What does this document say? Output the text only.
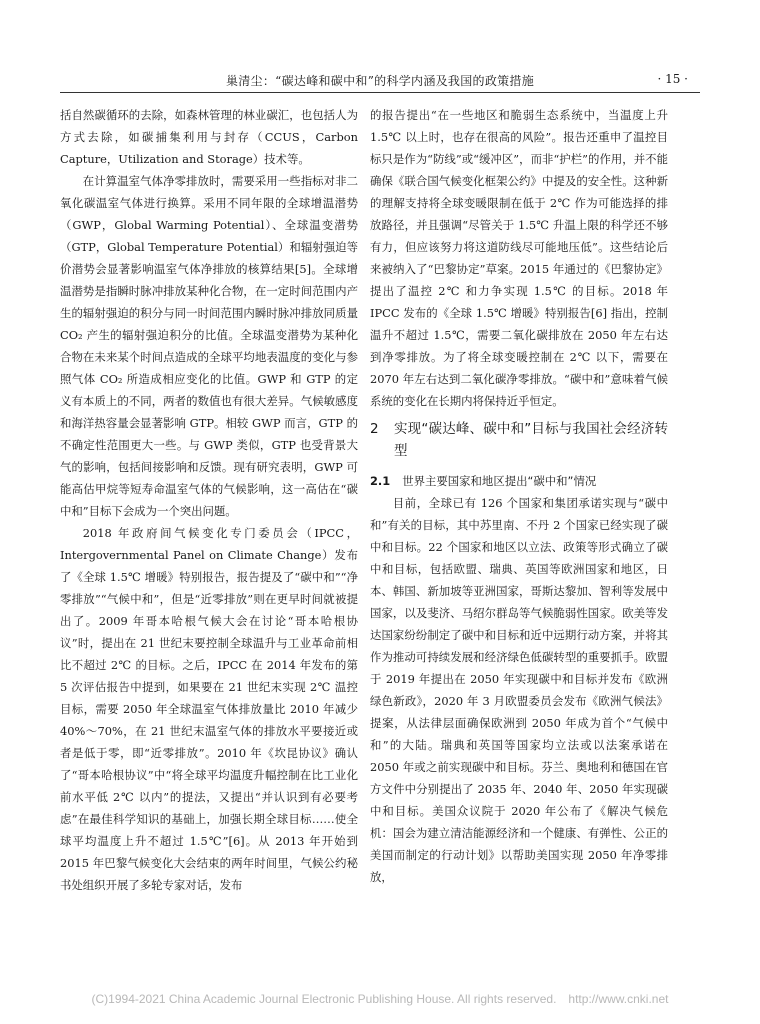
巢清尘：“碳达峰和碳中和”的科学内涵及我国的政策措施	· 15 ·

括自然碳循环的去除，如森林管理的林业碳汇，也包括人为方式去除，如碳捕集利用与封存（CCUS，Carbon Capture，Utilization and Storage）技术等。

在计算温室气体净零排放时，需要采用一些指标对非二氧化碳温室气体进行换算。采用不同年限的全球增温潜势（GWP，Global Warming Potential）、全球温变潜势（GTP，Global Temperature Potential）和辐射强迫等价潜势会显著影响温室气体净排放的核算结果[5]。全球增温潜势是指瞬时脉冲排放某种化合物，在一定时间范围内产生的辐射强迫的积分与同一时间范围内瞬时脉冲排放同质量 CO₂ 产生的辐射强迫积分的比值。全球温变潜势为某种化合物在未来某个时间点造成的全球平均地表温度的变化与参照气体 CO₂ 所造成相应变化的比值。GWP 和 GTP 的定义有本质上的不同，两者的数值也有很大差异。气候敏感度和海洋热容量会显著影响 GTP。相较 GWP 而言，GTP 的不确定性范围更大一些。与 GWP 类似，GTP 也受背景大气的影响，包括间接影响和反馈。现有研究表明，GWP 可能高估甲烷等短寿命温室气体的气候影响，这一高估在“碳中和”目标下会成为一个突出问题。

2018 年政府间气候变化专门委员会（IPCC，Intergovernmental Panel on Climate Change）发布了《全球 1.5℃ 增暖》特别报告，报告提及了“碳中和”“净零排放”“气候中和”，但是“近零排放”则在更早时间就被提出了。2009 年哥本哈根气候大会在讨论“哥本哈根协议”时，提出在 21 世纪末要控制全球温升与工业革命前相比不超过 2℃ 的目标。之后，IPCC 在 2014 年发布的第 5 次评估报告中提到，如果要在 21 世纪末实现 2℃ 温控目标，需要 2050 年全球温室气体排放量比 2010 年减少 40%～70%，在 21 世纪末温室气体的排放水平要接近或者是低于零，即“近零排放”。2010 年《坎昆协议》确认了“哥本哈根协议”中“将全球平均温度升幅控制在比工业化前水平低 2℃ 以内”的提法，又提出“并认识到有必要考虑”在最佳科学知识的基础上，加强长期全球目标……使全球平均温度上升不超过 1.5℃”[6]。从 2013 年开始到 2015 年巴黎气候变化大会结束的两年时间里，气候公约秘书处组织开展了多轮专家对话，发布

的报告提出“在一些地区和脆弱生态系统中，当温度上升 1.5℃ 以上时，也存在很高的风险”。报告还重申了温控目标只是作为“防线”或“缓冲区”，而非“护栏”的作用，并不能确保《联合国气候变化框架公约》中提及的安全性。这种新的理解支持将全球变暖限制在低于 2℃ 作为可能选择的排放路径，并且强调“尽管关于 1.5℃ 升温上限的科学还不够有力，但应该努力将这道防线尽可能地压低”。这些结论后来被纳入了“巴黎协定”草案。2015 年通过的《巴黎协定》提出了温控 2℃ 和力争实现 1.5℃ 的目标。2018 年 IPCC 发布的《全球 1.5℃ 增暖》特别报告[6] 指出，控制温升不超过 1.5℃，需要二氧化碳排放在 2050 年左右达到净零排放。为了将全球变暖控制在 2℃ 以下，需要在 2070 年左右达到二氧化碳净零排放。“碳中和”意味着气候系统的变化在长期内将保持近乎恒定。

2	实现“碳达峰、碳中和”目标与我国社会经济转型
2.1 世界主要国家和地区提出“碳中和”情况

目前，全球已有 126 个国家和集团承诺实现与“碳中和”有关的目标，其中苏里南、不丹 2 个国家已经实现了碳中和目标。22 个国家和地区以立法、政策等形式确立了碳中和目标，包括欧盟、瑞典、英国等欧洲国家和地区，日本、韩国、新加坡等亚洲国家，哥斯达黎加、智利等发展中国家，以及斐济、马绍尔群岛等气候脆弱性国家。欧美等发达国家纷纷制定了碳中和目标和近中远期行动方案，并将其作为推动可持续发展和经济绿色低碳转型的重要抓手。欧盟于 2019 年提出在 2050 年实现碳中和目标并发布《欧洲绿色新政》，2020 年 3 月欧盟委员会发布《欧洲气候法》提案，从法律层面确保欧洲到 2050 年成为首个“气候中和”的大陆。瑞典和英国等国家均立法或以法案承诺在 2050 年或之前实现碳中和目标。芬兰、奥地利和德国在官方文件中分别提出了 2035 年、2040 年、2050 年实现碳中和目标。美国众议院于 2020 年公布了《解决气候危机：国会为建立清洁能源经济和一个健康、有弹性、公正的美国而制定的行动计划》以帮助美国实现 2050 年净零排放，

(C)1994-2021 China Academic Journal Electronic Publishing House. All rights reserved. http://www.cnki.net
